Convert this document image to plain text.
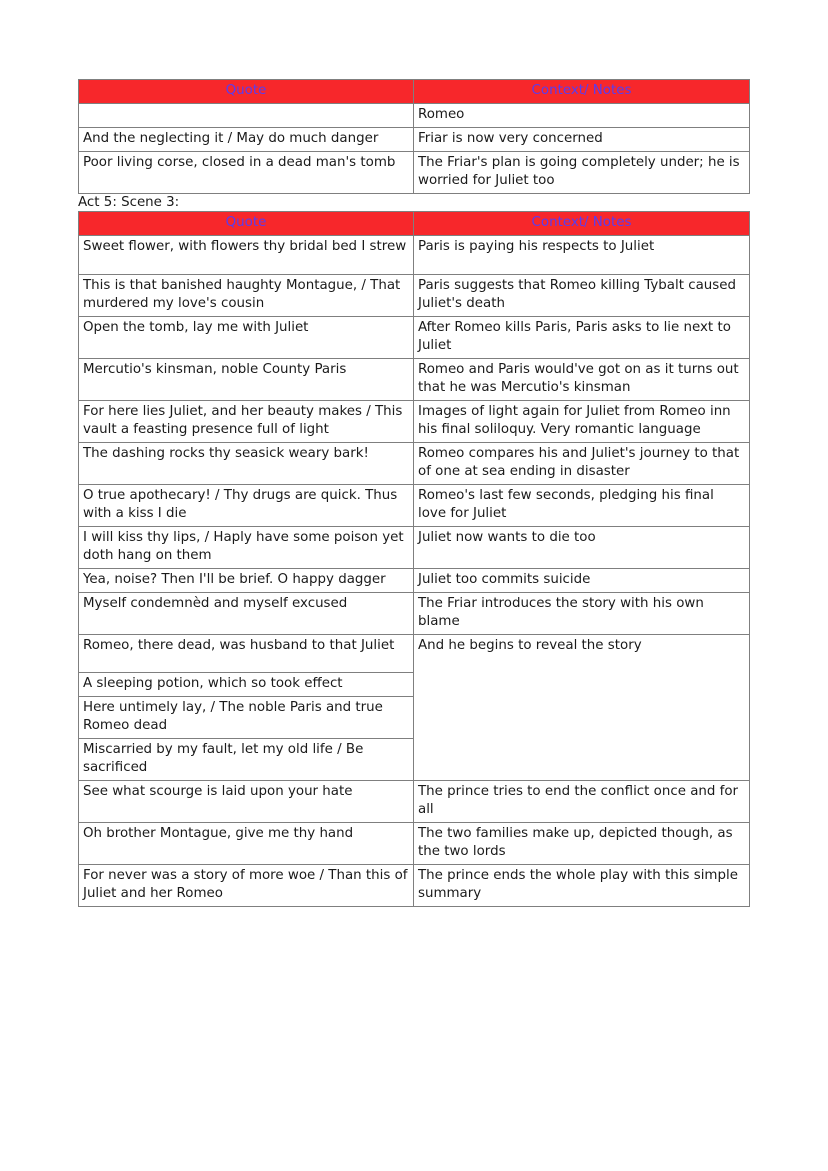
Quote	Context/ Notes
	Romeo
And the neglecting it / May do much danger	Friar is now very concerned
Poor living corse, closed in a dead man's tomb	The Friar's plan is going completely under; he is worried for Juliet too

Act 5: Scene 3:

Quote	Context/ Notes
Sweet flower, with flowers thy bridal bed I strew	Paris is paying his respects to Juliet
This is that banished haughty Montague, / That murdered my love's cousin	Paris suggests that Romeo killing Tybalt caused Juliet's death
Open the tomb, lay me with Juliet	After Romeo kills Paris, Paris asks to lie next to Juliet
Mercutio's kinsman, noble County Paris	Romeo and Paris would've got on as it turns out that he was Mercutio's kinsman
For here lies Juliet, and her beauty makes / This vault a feasting presence full of light	Images of light again for Juliet from Romeo inn his final soliloquy. Very romantic language
The dashing rocks thy seasick weary bark!	Romeo compares his and Juliet's journey to that of one at sea ending in disaster
O true apothecary! / Thy drugs are quick. Thus with a kiss I die	Romeo's last few seconds, pledging his final love for Juliet
I will kiss thy lips, / Haply have some poison yet doth hang on them	Juliet now wants to die too
Yea, noise? Then I'll be brief. O happy dagger	Juliet too commits suicide
Myself condemnèd and myself excused	The Friar introduces the story with his own blame
Romeo, there dead, was husband to that Juliet	And he begins to reveal the story
A sleeping potion, which so took effect	
Here untimely lay, / The noble Paris and true Romeo dead	
Miscarried by my fault, let my old life / Be sacrificed	
See what scourge is laid upon your hate	The prince tries to end the conflict once and for all
Oh brother Montague, give me thy hand	The two families make up, depicted though, as the two lords
For never was a story of more woe / Than this of Juliet and her Romeo	The prince ends the whole play with this simple summary
